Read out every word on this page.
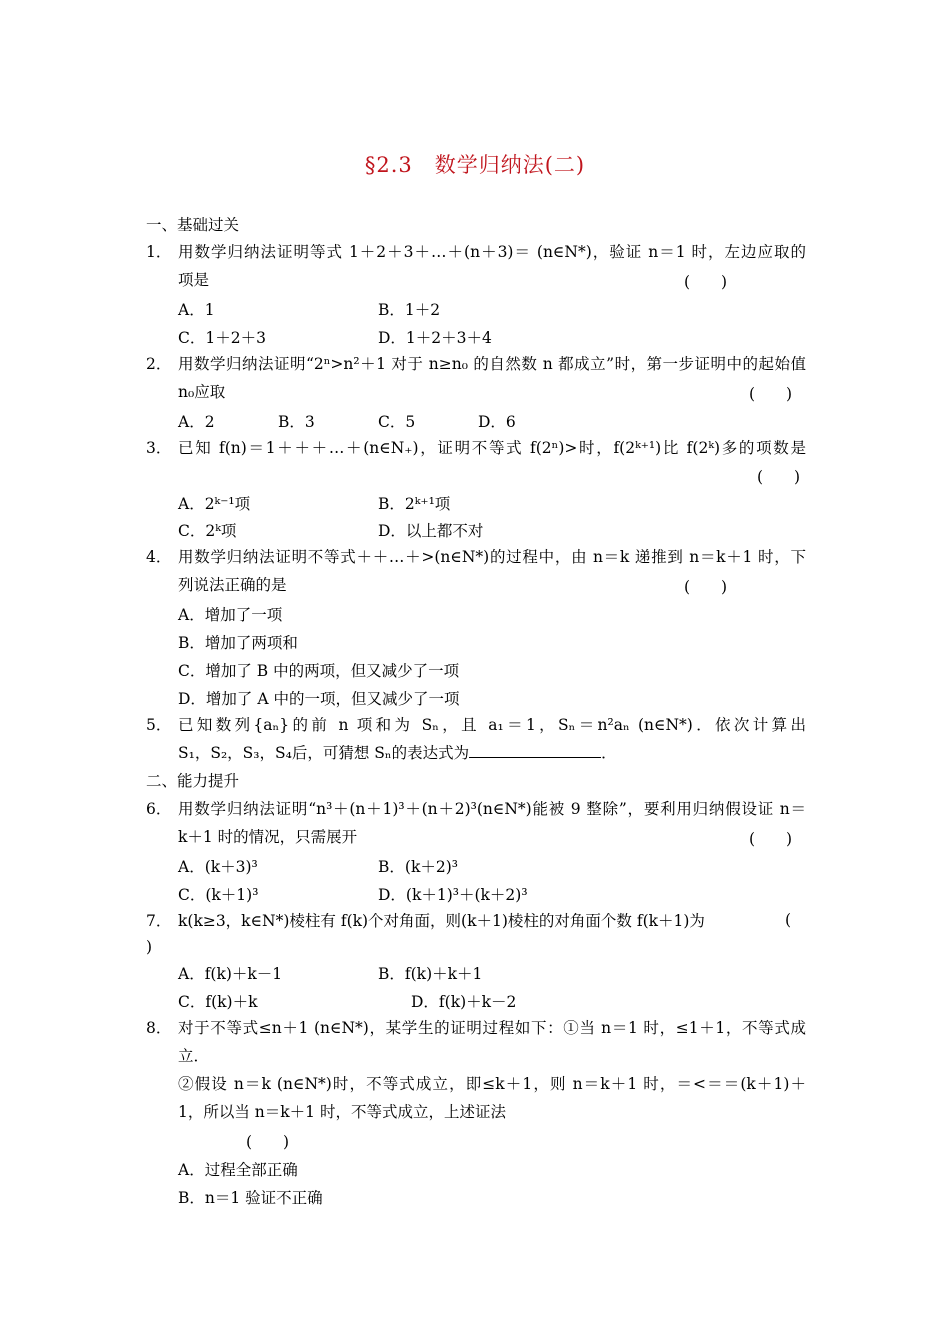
§2.3　数学归纳法(二)
一、基础过关
1． 用数学归纳法证明等式 1＋2＋3＋…＋(n＋3)＝ (n∈N*)，验证 n＝1 时，左边应取的
项是	(　　)
A．1	B．1＋2
C．1＋2＋3	D．1＋2＋3＋4
2． 用数学归纳法证明“2ⁿ>n²＋1 对于 n≥n₀ 的自然数 n 都成立”时，第一步证明中的起始值
n₀应取	(　　)
A．2	B．3	C．5	D．6
3． 已知 f(n)＝1＋＋＋…＋(n∈N₊)，证明不等式 f(2ⁿ)>时，f(2ᵏ⁺¹)比 f(2ᵏ)多的项数是
(　　)
A．2ᵏ⁻¹项	B．2ᵏ⁺¹项
C．2ᵏ项	D．以上都不对
4． 用数学归纳法证明不等式＋＋…＋>(n∈N*)的过程中，由 n＝k 递推到 n＝k＋1 时，下
列说法正确的是	(　　)
A．增加了一项
B．增加了两项和
C．增加了 B 中的两项，但又减少了一项
D．增加了 A 中的一项，但又减少了一项
5． 已知数列{aₙ}的前 n 项和为 Sₙ，且 a₁＝1，Sₙ＝n²aₙ (n∈N*)．依次计算出
S₁，S₂，S₃，S₄后，可猜想 Sₙ的表达式为	．
二、能力提升
6． 用数学归纳法证明“n³＋(n＋1)³＋(n＋2)³(n∈N*)能被 9 整除”，要利用归纳假设证 n＝
k＋1 时的情况，只需展开	(　　)
A．(k＋3)³	B．(k＋2)³
C．(k＋1)³	D．(k＋1)³＋(k＋2)³
7． k(k≥3，k∈N*)棱柱有 f(k)个对角面，则(k＋1)棱柱的对角面个数 f(k＋1)为	(
)
A．f(k)＋k－1	B．f(k)＋k＋1
C．f(k)＋k	D．f(k)＋k－2
8． 对于不等式≤n＋1 (n∈N*)，某学生的证明过程如下：①当 n＝1 时，≤1＋1，不等式成
立．
②假设 n＝k (n∈N*)时，不等式成立，即≤k＋1，则 n＝k＋1 时，＝<＝＝(k＋1)＋
1，所以当 n＝k＋1 时，不等式成立，上述证法
(　　)
A．过程全部正确
B．n＝1 验证不正确
